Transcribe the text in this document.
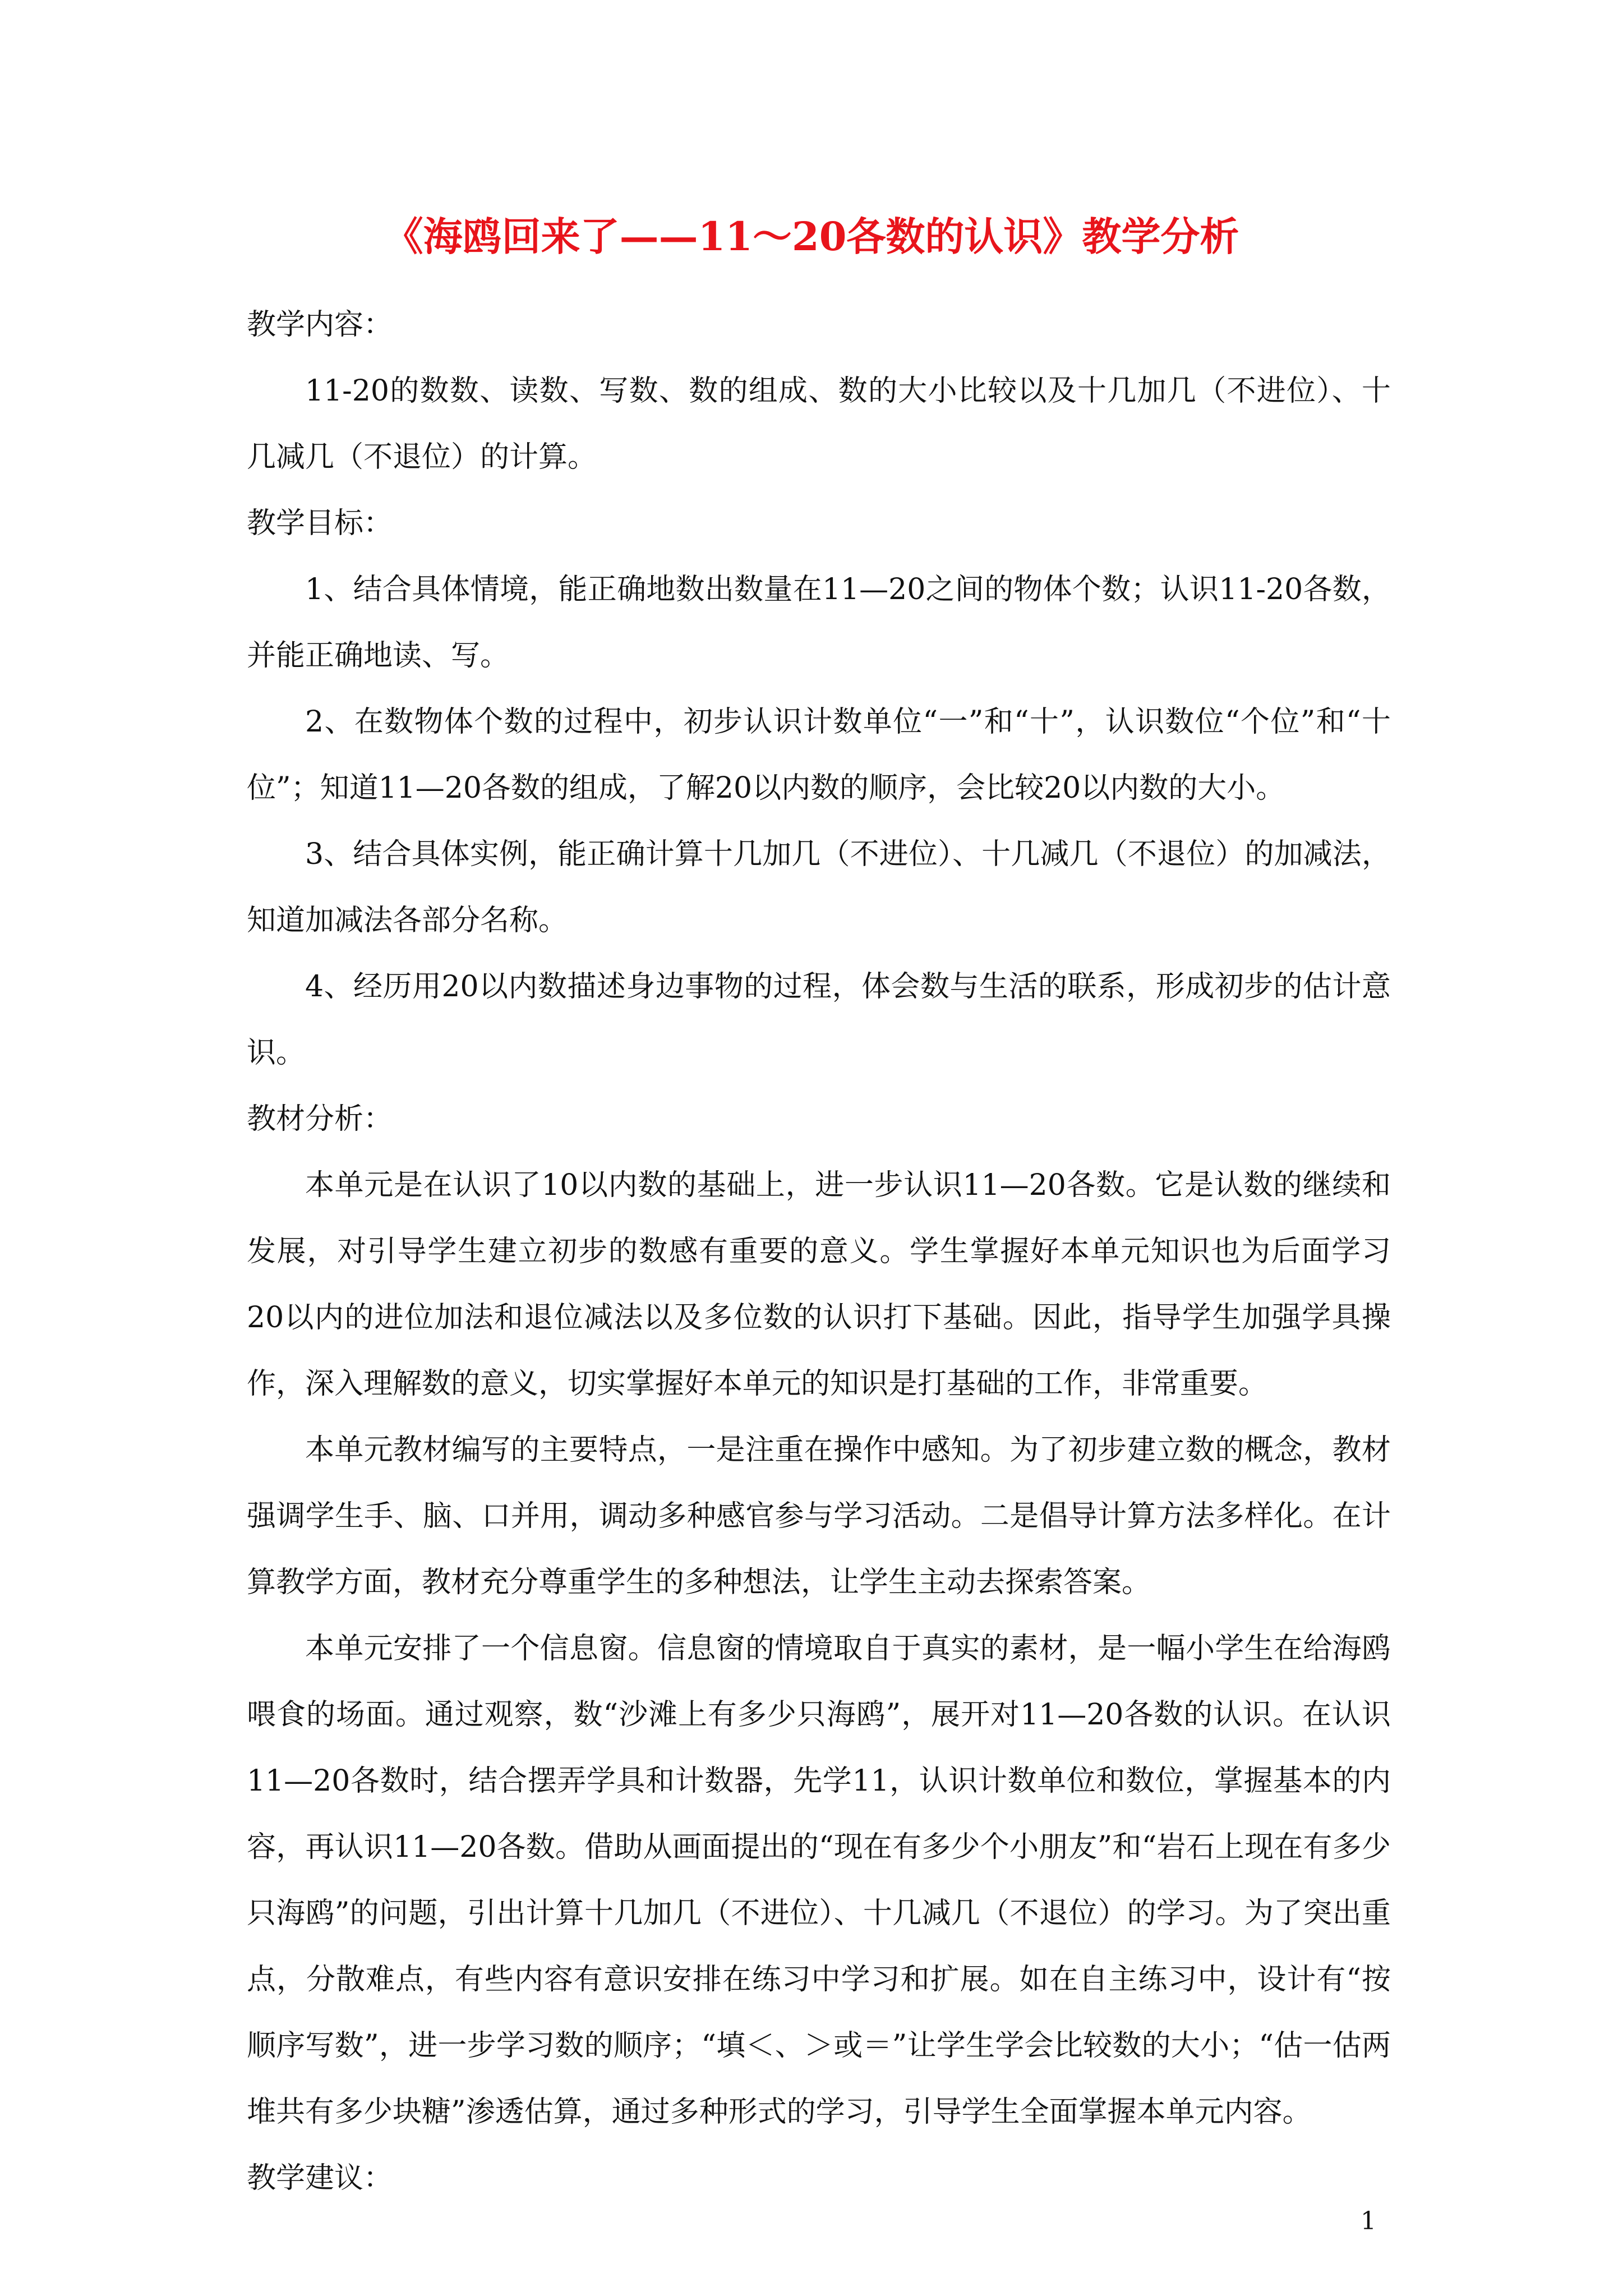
《海鸥回来了——11～20各数的认识》教学分析

教学内容：

11-20的数数、读数、写数、数的组成、数的大小比较以及十几加几（不进位）、十几减几（不退位）的计算。

教学目标：

1、结合具体情境，能正确地数出数量在11—20之间的物体个数；认识11-20各数，并能正确地读、写。

2、在数物体个数的过程中，初步认识计数单位“一”和“十”，认识数位“个位”和“十位”；知道11—20各数的组成，了解20以内数的顺序，会比较20以内数的大小。

3、结合具体实例，能正确计算十几加几（不进位）、十几减几（不退位）的加减法，知道加减法各部分名称。

4、经历用20以内数描述身边事物的过程，体会数与生活的联系，形成初步的估计意识。

教材分析：

本单元是在认识了10以内数的基础上，进一步认识11—20各数。它是认数的继续和发展，对引导学生建立初步的数感有重要的意义。学生掌握好本单元知识也为后面学习20以内的进位加法和退位减法以及多位数的认识打下基础。因此，指导学生加强学具操作，深入理解数的意义，切实掌握好本单元的知识是打基础的工作，非常重要。

本单元教材编写的主要特点，一是注重在操作中感知。为了初步建立数的概念，教材强调学生手、脑、口并用，调动多种感官参与学习活动。二是倡导计算方法多样化。在计算教学方面，教材充分尊重学生的多种想法，让学生主动去探索答案。

本单元安排了一个信息窗。信息窗的情境取自于真实的素材，是一幅小学生在给海鸥喂食的场面。通过观察，数“沙滩上有多少只海鸥”，展开对11—20各数的认识。在认识11—20各数时，结合摆弄学具和计数器，先学11，认识计数单位和数位，掌握基本的内容，再认识11—20各数。借助从画面提出的“现在有多少个小朋友”和“岩石上现在有多少只海鸥”的问题，引出计算十几加几（不进位）、十几减几（不退位）的学习。为了突出重点，分散难点，有些内容有意识安排在练习中学习和扩展。如在自主练习中，设计有“按顺序写数”，进一步学习数的顺序；“填＜、＞或＝”让学生学会比较数的大小；“估一估两堆共有多少块糖”渗透估算，通过多种形式的学习，引导学生全面掌握本单元内容。

教学建议：

1
